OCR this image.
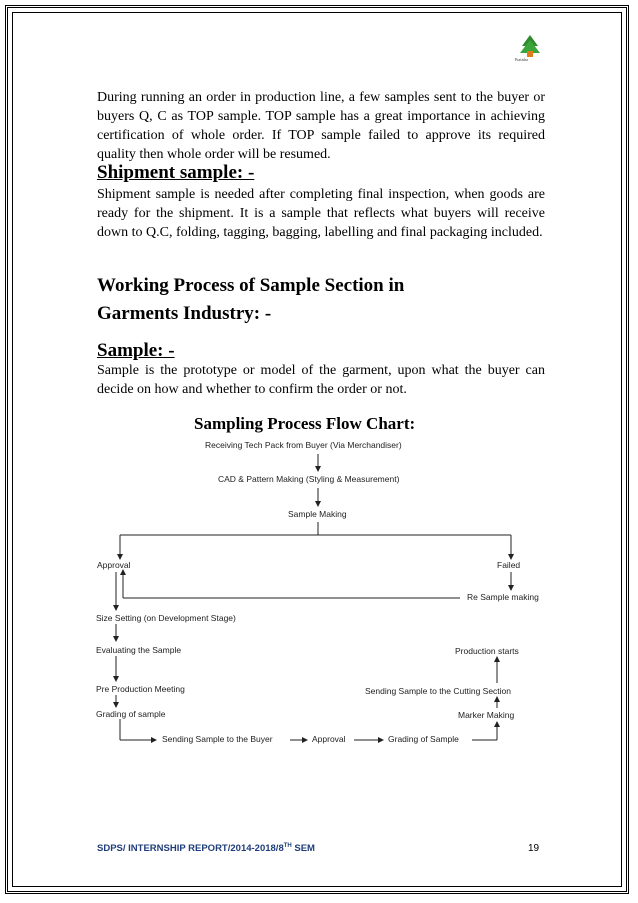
Pratisha

During running an order in production line, a few samples sent to the buyer or buyers Q, C as TOP sample. TOP sample has a great importance in achieving certification of whole order. If TOP sample failed to approve its required quality then whole order will be resumed.

Shipment sample: -

Shipment sample is needed after completing final inspection, when goods are ready for the shipment. It is a sample that reflects what buyers will receive down to Q.C, folding, tagging, bagging, labelling and final packaging included.

Working Process of Sample Section in

Garments Industry: -

Sample: -

Sample is the prototype or model of the garment, upon what the buyer can decide on how and whether to confirm the order or not.

Sampling Process Flow Chart:

Receiving Tech Pack from Buyer (Via Merchandiser)
CAD & Pattern Making (Styling & Measurement)
Sample Making
Approval	Failed
Re Sample making
Size Setting (on Development Stage)
Evaluating the Sample
Pre Production Meeting
Grading of sample
Sending Sample to the Buyer	Approval	Grading of Sample
Marker Making
Sending Sample to the Cutting Section
Production starts
SDPS/ INTERNSHIP REPORT/2014-2018/8TH SEM	19
